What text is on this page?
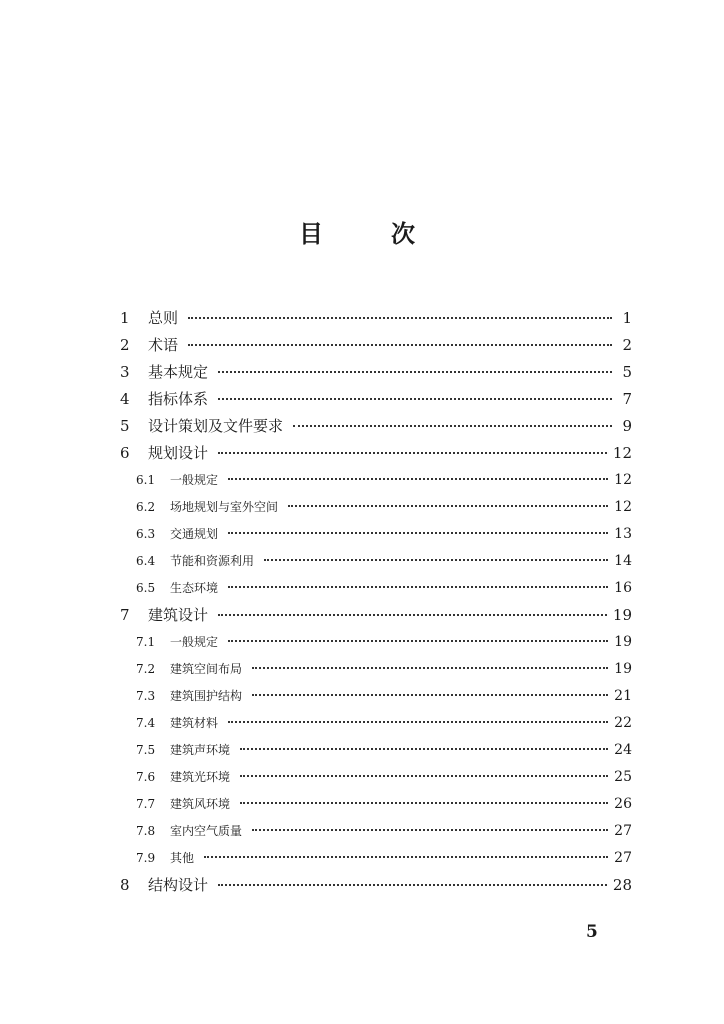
目　次
1	总则	1
2	术语	2
3	基本规定	5
4	指标体系	7
5	设计策划及文件要求	9
6	规划设计	12
6.1	一般规定	12
6.2	场地规划与室外空间	12
6.3	交通规划	13
6.4	节能和资源利用	14
6.5	生态环境	16
7	建筑设计	19
7.1	一般规定	19
7.2	建筑空间布局	19
7.3	建筑围护结构	21
7.4	建筑材料	22
7.5	建筑声环境	24
7.6	建筑光环境	25
7.7	建筑风环境	26
7.8	室内空气质量	27
7.9	其他	27
8	结构设计	28
5
